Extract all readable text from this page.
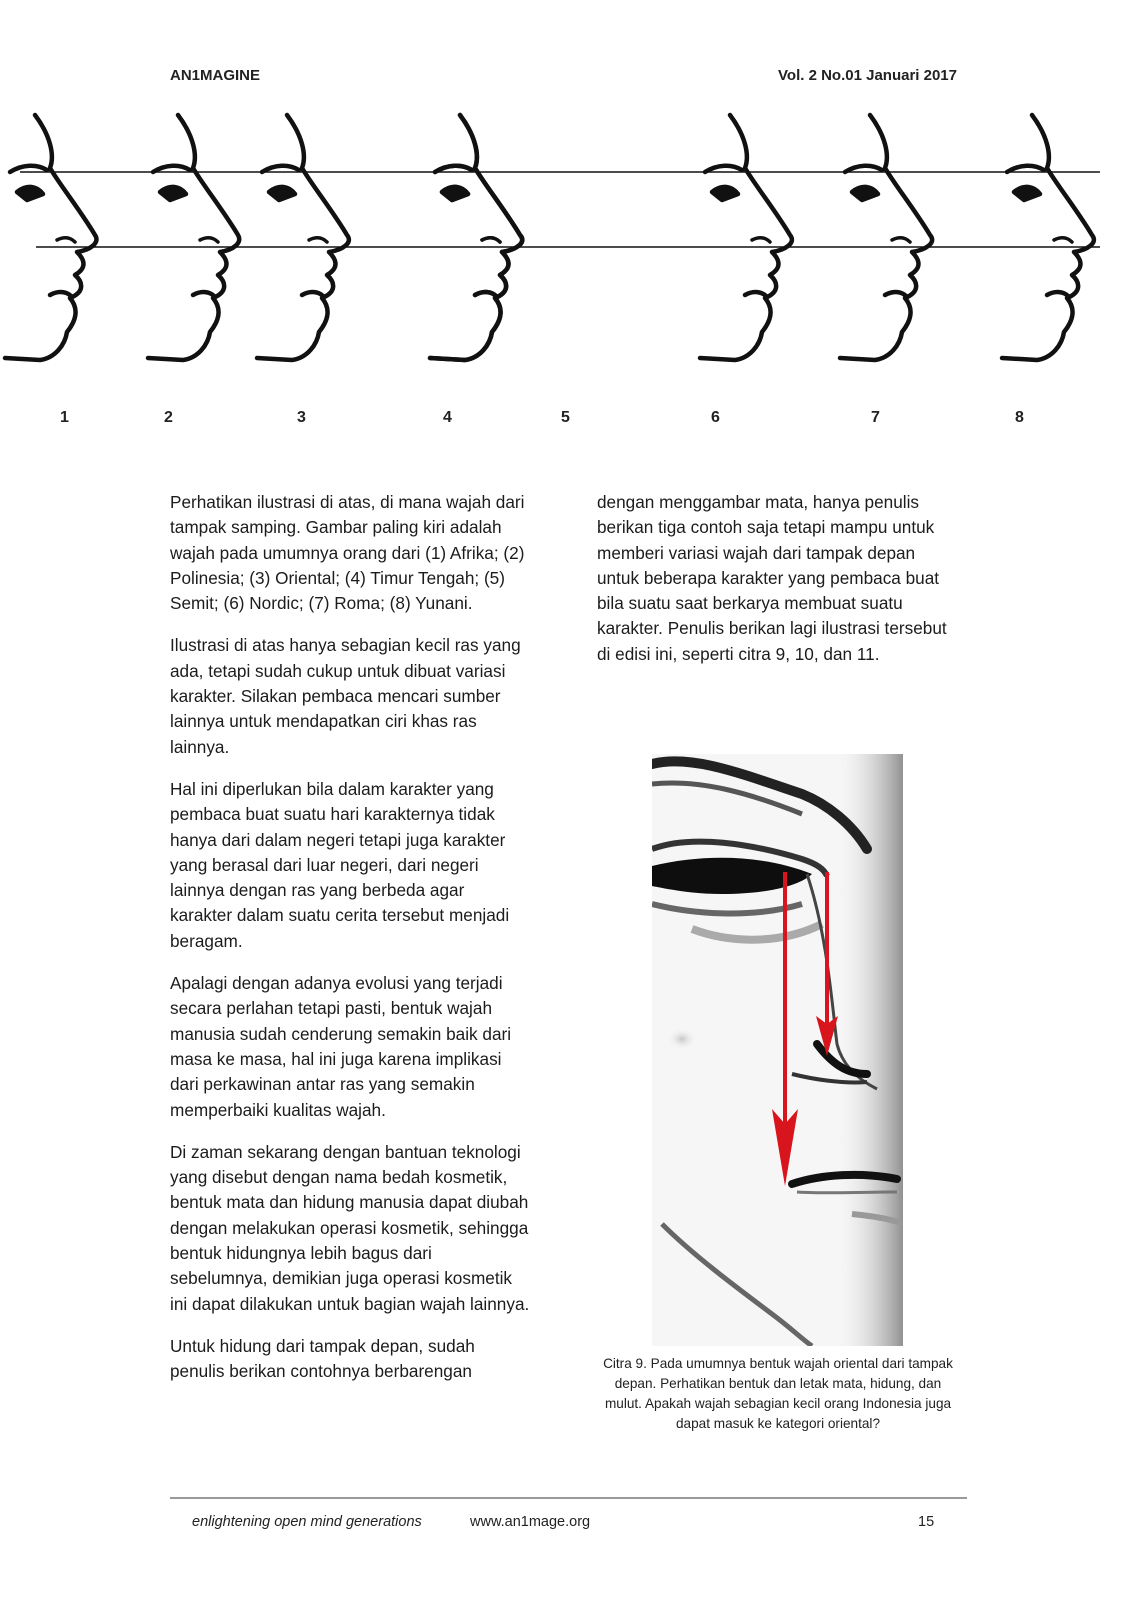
AN1MAGINE	Vol. 2 No.01 Januari 2017
1	2	3	4	5	6	7	8

Perhatikan ilustrasi di atas, di mana wajah dari tampak samping. Gambar paling kiri adalah wajah pada umumnya orang dari (1) Afrika; (2) Polinesia; (3) Oriental; (4) Timur Tengah; (5) Semit; (6) Nordic; (7) Roma; (8) Yunani.

Ilustrasi di atas hanya sebagian kecil ras yang ada, tetapi sudah cukup untuk dibuat variasi karakter. Silakan pembaca mencari sumber lainnya untuk mendapatkan ciri khas ras lainnya.

Hal ini diperlukan bila dalam karakter yang pembaca buat suatu hari karakternya tidak hanya dari dalam negeri tetapi juga karakter yang berasal dari luar negeri, dari negeri lainnya dengan ras yang berbeda agar karakter dalam suatu cerita tersebut menjadi beragam.

Apalagi dengan adanya evolusi yang terjadi secara perlahan tetapi pasti, bentuk wajah manusia sudah cenderung semakin baik dari masa ke masa, hal ini juga karena implikasi dari perkawinan antar ras yang semakin memperbaiki kualitas wajah.

Di zaman sekarang dengan bantuan teknologi yang disebut dengan nama bedah kosmetik, bentuk mata dan hidung manusia dapat diubah dengan melakukan operasi kosmetik, sehingga bentuk hidungnya lebih bagus dari sebelumnya, demikian juga operasi kosmetik ini dapat dilakukan untuk bagian wajah lainnya.

Untuk hidung dari tampak depan, sudah penulis berikan contohnya berbarengan

dengan menggambar mata, hanya penulis berikan tiga contoh saja tetapi mampu untuk memberi variasi wajah dari tampak depan untuk beberapa karakter yang pembaca buat bila suatu saat berkarya membuat suatu karakter. Penulis berikan lagi ilustrasi tersebut di edisi ini, seperti citra 9, 10, dan 11.

Citra 9. Pada umumnya bentuk wajah oriental dari tampak depan. Perhatikan bentuk dan letak mata, hidung, dan mulut. Apakah wajah sebagian kecil orang Indonesia juga dapat masuk ke kategori oriental?
enlightening open mind generations	www.an1mage.org	15
